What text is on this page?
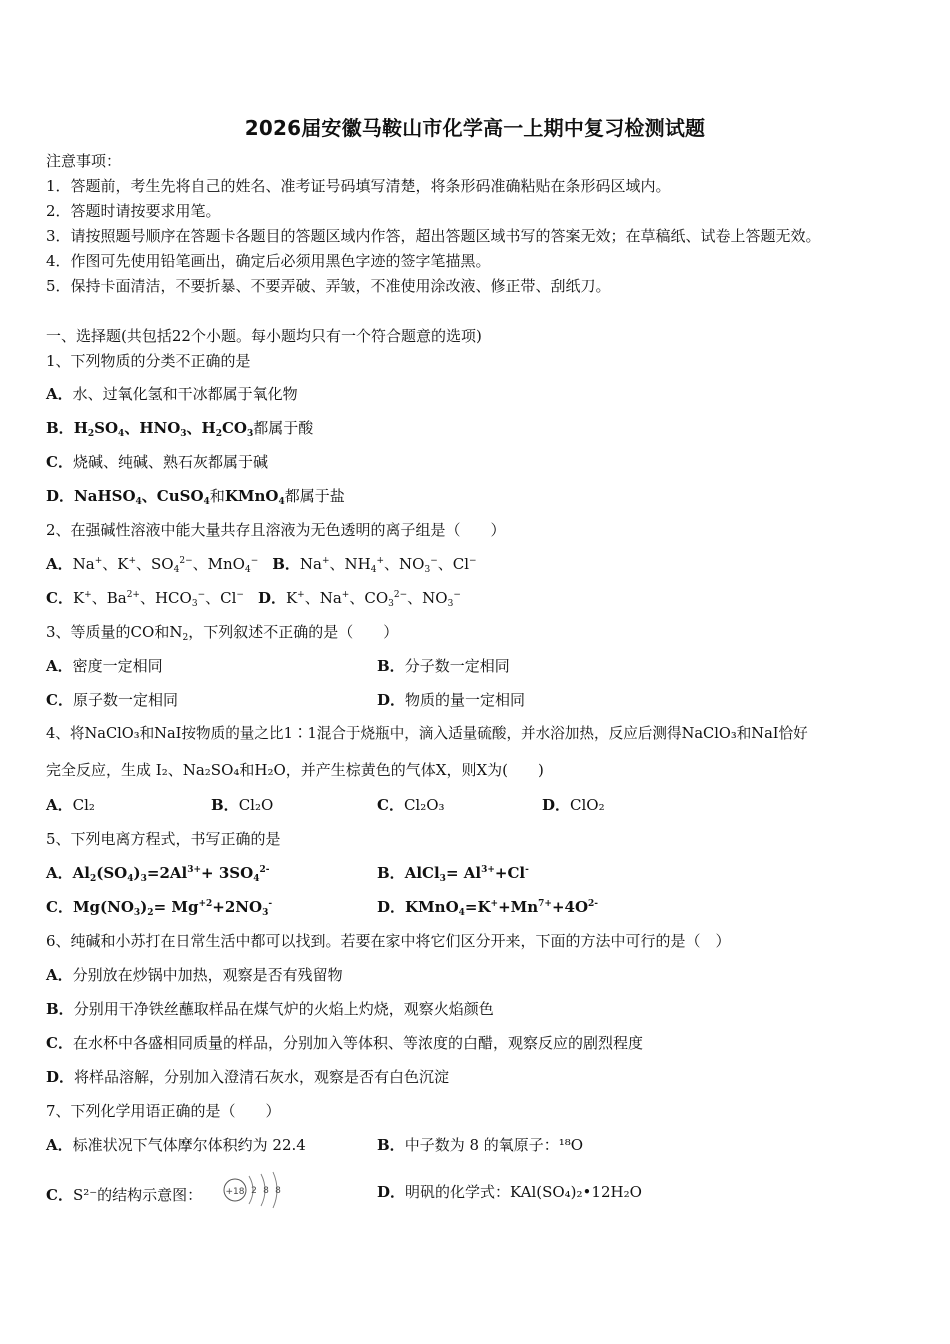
2026届安徽马鞍山市化学高一上期中复习检测试题
注意事项：
1．答题前，考生先将自己的姓名、准考证号码填写清楚，将条形码准确粘贴在条形码区域内。
2．答题时请按要求用笔。
3．请按照题号顺序在答题卡各题目的答题区域内作答，超出答题区域书写的答案无效；在草稿纸、试卷上答题无效。
4．作图可先使用铅笔画出，确定后必须用黑色字迹的签字笔描黑。
5．保持卡面清洁，不要折暴、不要弄破、弄皱，不准使用涂改液、修正带、刮纸刀。
一、选择题(共包括22个小题。每小题均只有一个符合题意的选项)
1、下列物质的分类不正确的是
A．水、过氧化氢和干冰都属于氧化物
B．$H_2SO_4$、$HNO_3$、$H_2CO_3$都属于酸
C．烧碱、纯碱、熟石灰都属于碱
D．NaHSO$_4$、CuSO$_4$和KMnO$_4$都属于盐
2、在强碱性溶液中能大量共存且溶液为无色透明的离子组是（　　）
A．Na+、K+、$SO_4^{2-}$、MnO$_4$− B．Na+、$NH_4^+$、$NO_3^-$、Cl−
C．K+、$Ba^{2+}$、$HCO_3^-$、Cl− D．K+、Na+、$CO_3^{2-}$、$NO_3^-$
3、等质量的CO和$N_2$，下列叙述不正确的是（　　）
A．密度一定相同	B．分子数一定相同
C．原子数一定相同	D．物质的量一定相同
4、将NaClO₃和NaI按物质的量之比1∶1混合于烧瓶中，滴入适量硫酸，并水浴加热，反应后测得NaClO₃和NaI恰好
完全反应，生成 I₂、Na₂SO₄和H₂O，并产生棕黄色的气体X，则X为(　　)
A．Cl₂	B．Cl₂O	C．Cl₂O₃	D．ClO₂
5、下列电离方程式，书写正确的是
A．$Al_2(SO_4)_3=2Al^{3+}+ 3SO_4^{2-}$	B．AlCl$_3$= $Al^{3+}+Cl^-$
C．$Mg(NO_3)_2= Mg^{+2}+2NO_3^-$	D．$KMnO_4=K^++Mn^{7+}+4O^{2-}$
6、纯碱和小苏打在日常生活中都可以找到。若要在家中将它们区分开来，下面的方法中可行的是（　）
A．分别放在炒锅中加热，观察是否有残留物
B．分别用干净铁丝蘸取样品在煤气炉的火焰上灼烧，观察火焰颜色
C．在水杯中各盛相同质量的样品，分别加入等体积、等浓度的白醋，观察反应的剧烈程度
D．将样品溶解，分别加入澄清石灰水，观察是否有白色沉淀
7、下列化学用语正确的是（　　）
A．标准状况下气体摩尔体积约为 22.4	B．中子数为 8 的氧原子：¹⁸O
C．S²⁻的结构示意图：	+18 2 8 8	D．明矾的化学式：KAl(SO₄)₂•12H₂O
